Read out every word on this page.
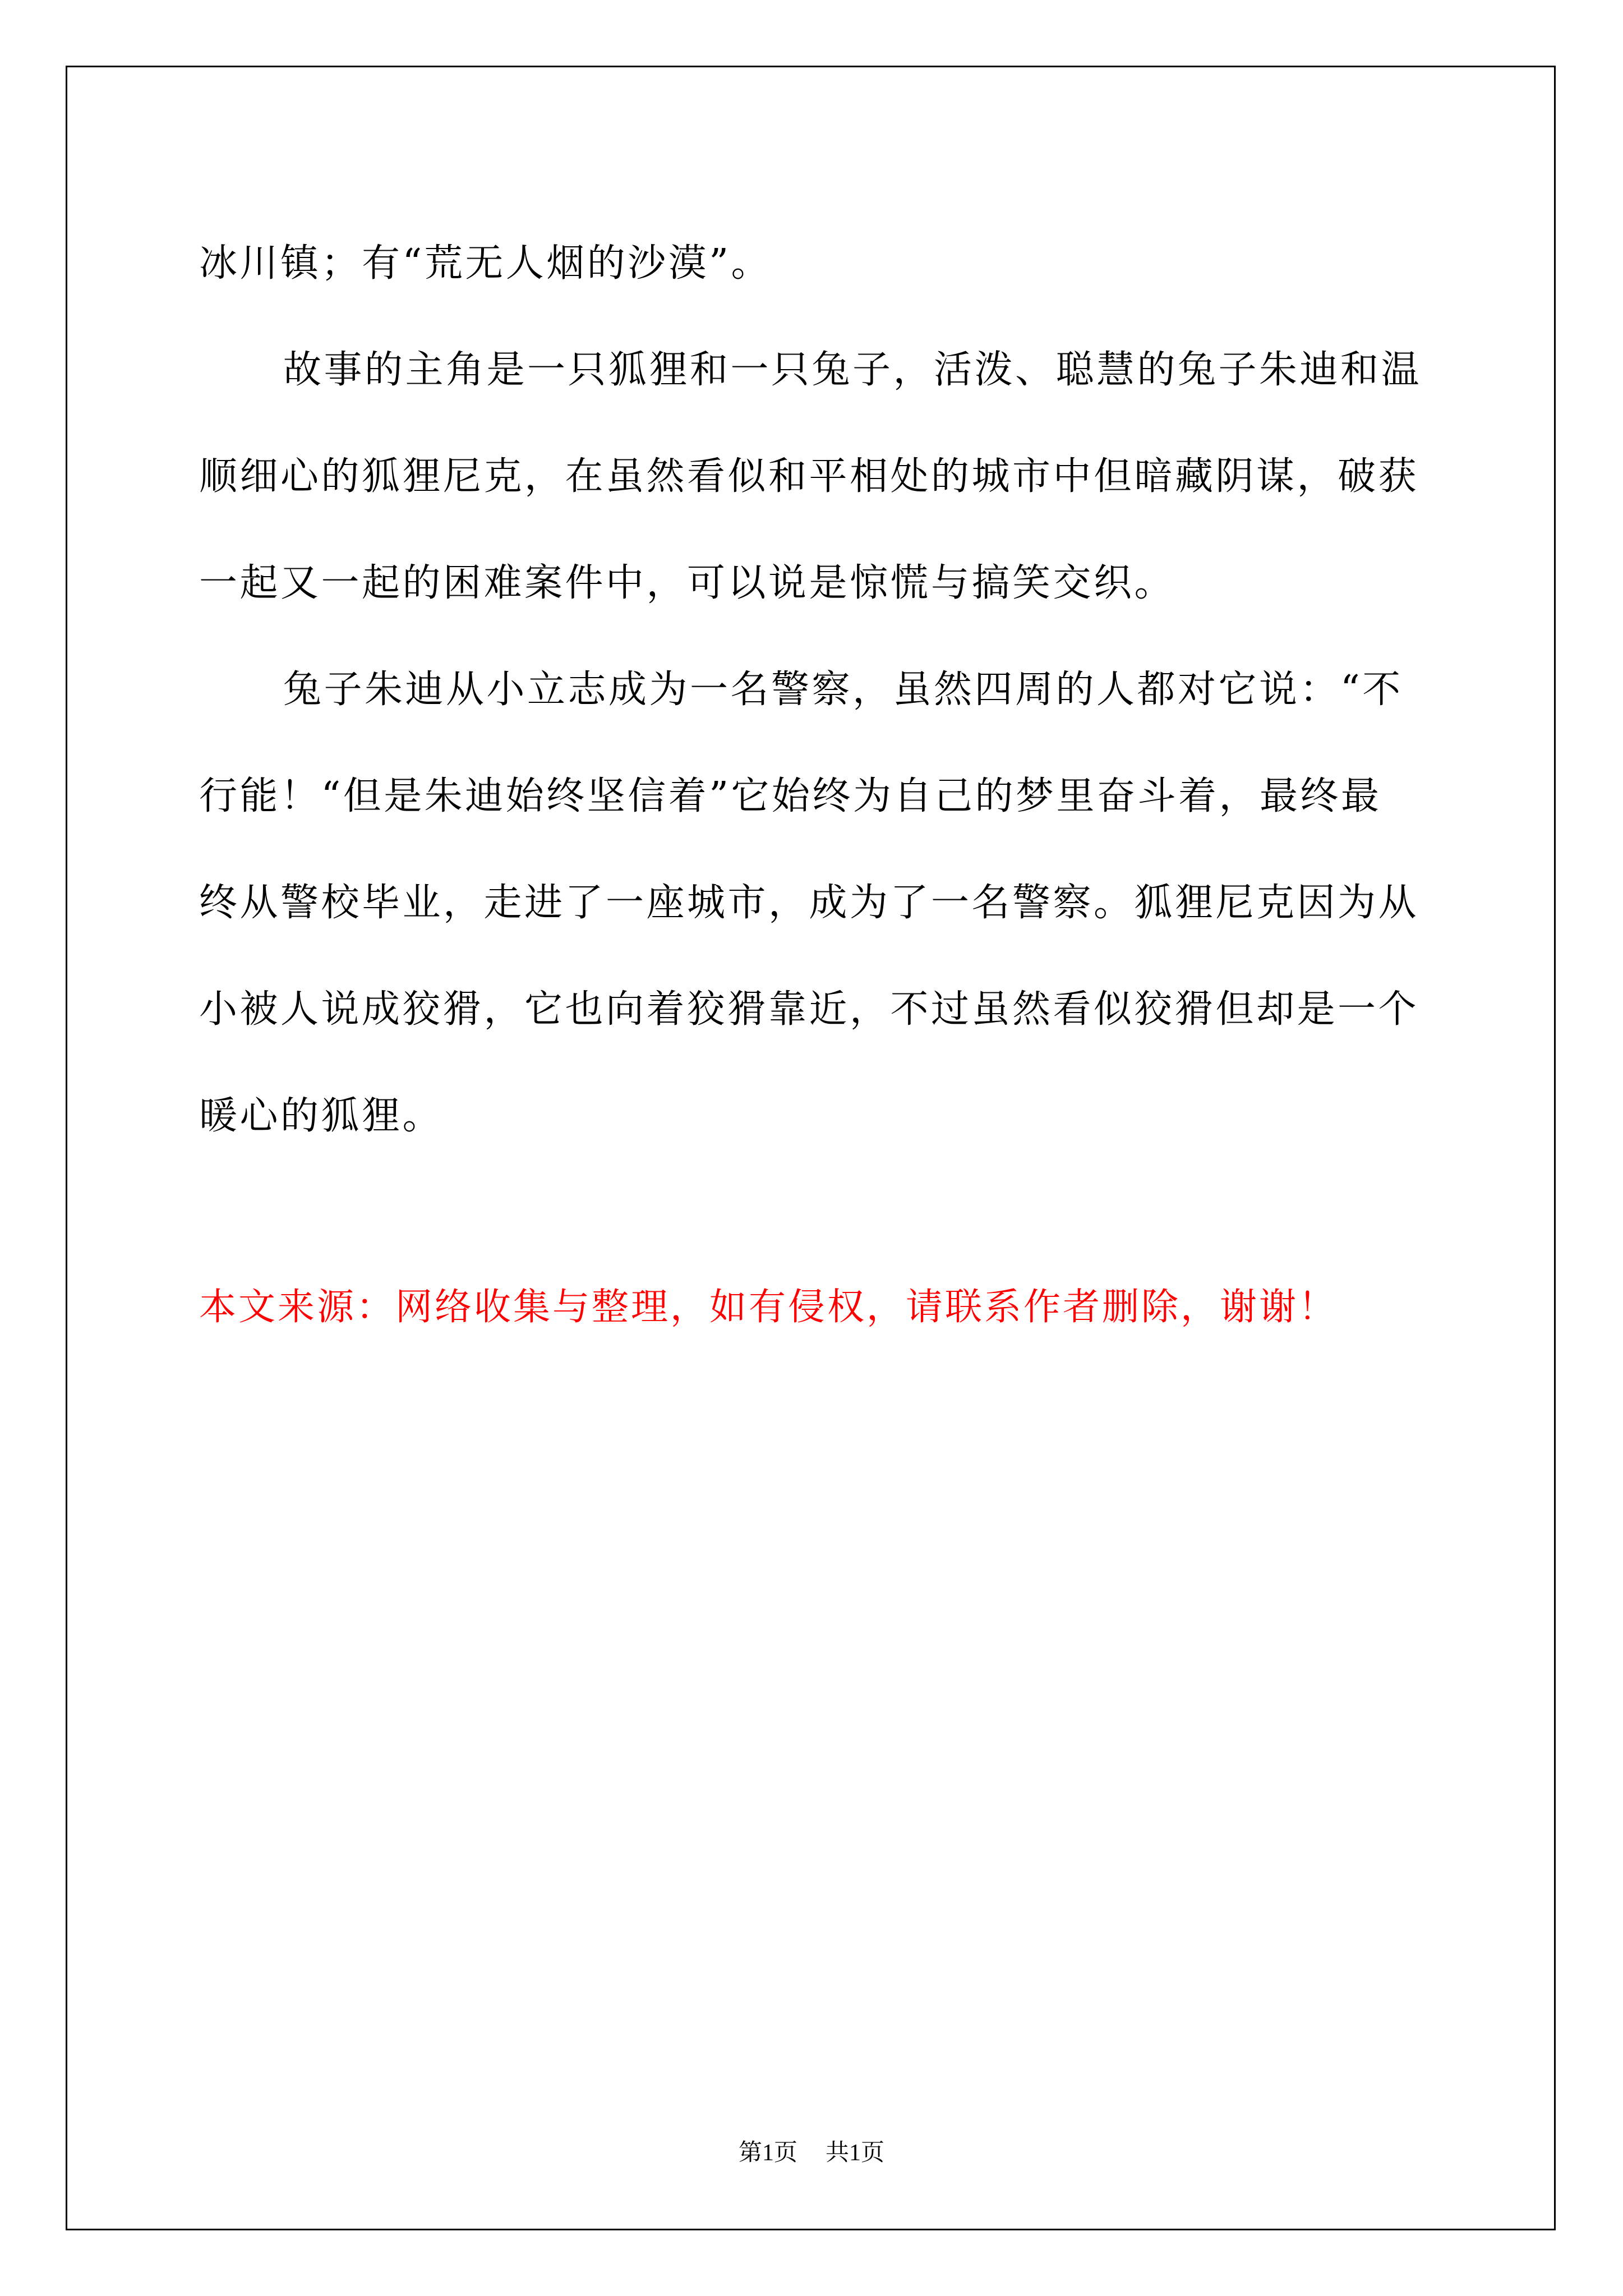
冰川镇；有“荒无人烟的沙漠”。

故事的主角是一只狐狸和一只兔子，活泼、聪慧的兔子朱迪和温
顺细心的狐狸尼克，在虽然看似和平相处的城市中但暗藏阴谋，破获
一起又一起的困难案件中，可以说是惊慌与搞笑交织。

兔子朱迪从小立志成为一名警察，虽然四周的人都对它说：“不
行能！“但是朱迪始终坚信着”它始终为自己的梦里奋斗着，最终最
终从警校毕业，走进了一座城市，成为了一名警察。狐狸尼克因为从
小被人说成狡猾，它也向着狡猾靠近，不过虽然看似狡猾但却是一个
暖心的狐狸。

本文来源：网络收集与整理，如有侵权，请联系作者删除，谢谢！
第1页 共1页
